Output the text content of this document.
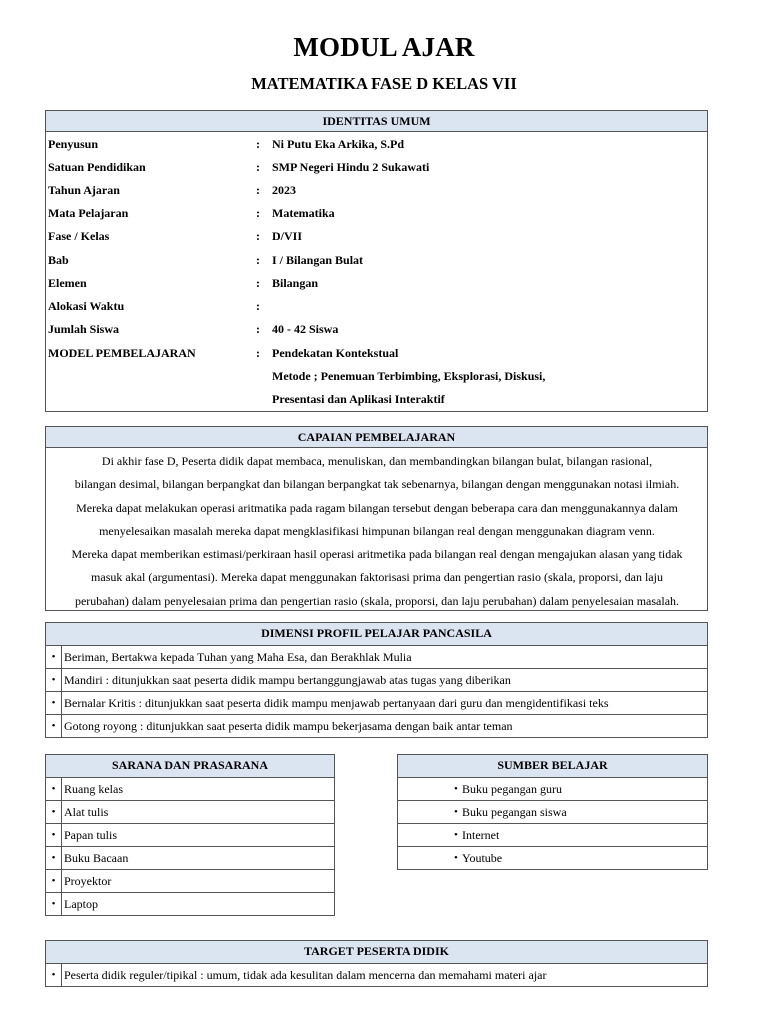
MODUL AJAR
MATEMATIKA FASE D KELAS VII
IDENTITAS UMUM
Penyusun	: Ni Putu Eka Arkika, S.Pd
Satuan Pendidikan	: SMP Negeri Hindu 2 Sukawati
Tahun Ajaran	: 2023
Mata Pelajaran	: Matematika
Fase / Kelas	: D/VII
Bab	: I / Bilangan Bulat
Elemen	: Bilangan
Alokasi Waktu	:
Jumlah Siswa	: 40 - 42 Siswa
MODEL PEMBELAJARAN	: Pendekatan Kontekstual
Metode ; Penemuan Terbimbing, Eksplorasi, Diskusi,
Presentasi dan Aplikasi Interaktif
CAPAIAN PEMBELAJARAN
Di akhir fase D, Peserta didik dapat membaca, menuliskan, dan membandingkan bilangan bulat, bilangan rasional,
bilangan desimal, bilangan berpangkat dan bilangan berpangkat tak sebenarnya, bilangan dengan menggunakan notasi ilmiah.
Mereka dapat melakukan operasi aritmatika pada ragam bilangan tersebut dengan beberapa cara dan menggunakannya dalam
menyelesaikan masalah mereka dapat mengklasifikasi himpunan bilangan real dengan menggunakan diagram venn.
Mereka dapat memberikan estimasi/perkiraan hasil operasi aritmetika pada bilangan real dengan mengajukan alasan yang tidak
masuk akal (argumentasi). Mereka dapat menggunakan faktorisasi prima dan pengertian rasio (skala, proporsi, dan laju
perubahan) dalam penyelesaian prima dan pengertian rasio (skala, proporsi, dan laju perubahan) dalam penyelesaian masalah.
DIMENSI PROFIL PELAJAR PANCASILA
• Beriman, Bertakwa kepada Tuhan yang Maha Esa, dan Berakhlak Mulia
• Mandiri : ditunjukkan saat peserta didik mampu bertanggungjawab atas tugas yang diberikan
• Bernalar Kritis : ditunjukkan saat peserta didik mampu menjawab pertanyaan dari guru dan mengidentifikasi teks
• Gotong royong : ditunjukkan saat peserta didik mampu bekerjasama dengan baik antar teman
SARANA DAN PRASARANA
• Ruang kelas
• Alat tulis
• Papan tulis
• Buku Bacaan
• Proyektor
• Laptop
SUMBER BELAJAR
• Buku pegangan guru
• Buku pegangan siswa
• Internet
• Youtube
TARGET PESERTA DIDIK
• Peserta didik reguler/tipikal : umum, tidak ada kesulitan dalam mencerna dan memahami materi ajar
